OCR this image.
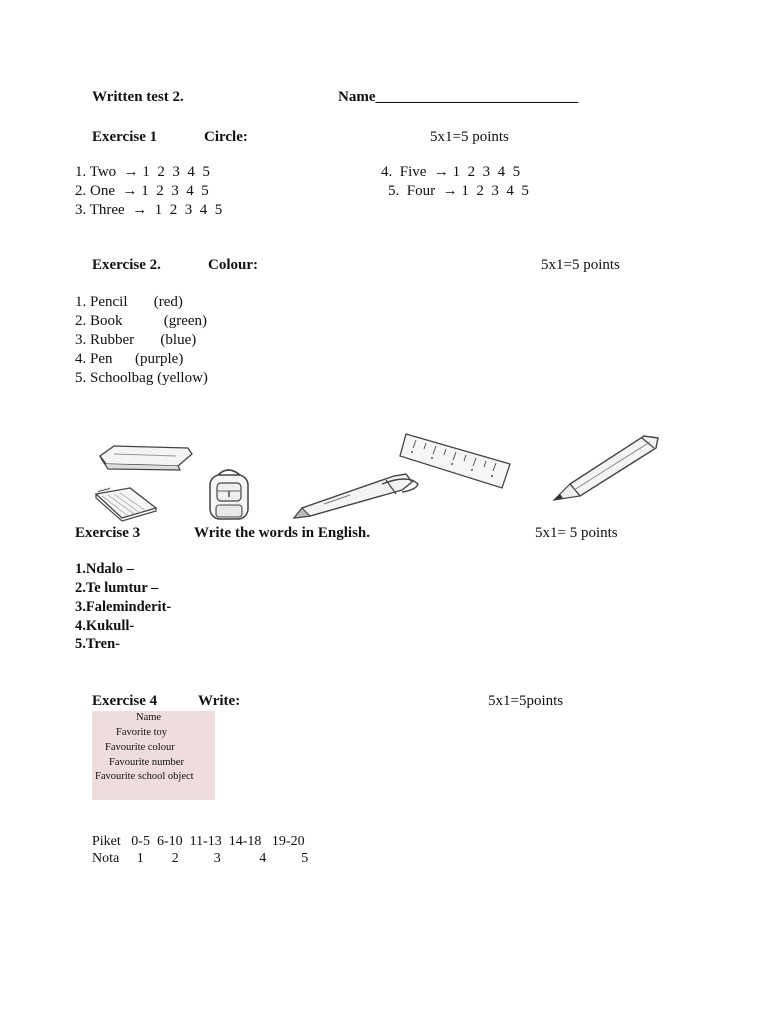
Written test 2.	Name___________________________
Exercise 1	Circle:	5x1=5 points
1. Two  → 1  2  3  4  5
2. One  → 1  2  3  4  5
3. Three  →  1  2  3  4  5
4.  Five  → 1  2  3  4  5
5.  Four  → 1  2  3  4  5
Exercise 2.	Colour:	5x1=5 points
1. Pencil       (red)
2. Book           (green)
3. Rubber       (blue)
4. Pen      (purple)
5. Schoolbag (yellow)
Exercise 3	Write the words in English.	5x1= 5 points
1.Ndalo –
2.Te lumtur –
3.Faleminderit-
4.Kukull-
5.Tren-
Exercise 4	Write:	5x1=5points
Name
Favorite toy
Favourite colour
Favourite number
Favourite school object
Piket   0-5  6-10  11-13  14-18   19-20
Nota     1        2          3           4          5
